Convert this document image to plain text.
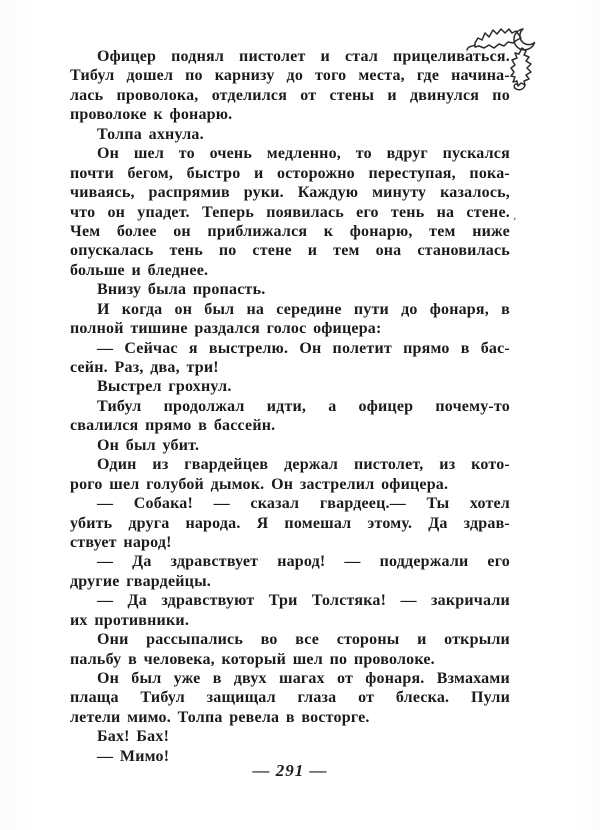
Офицер поднял пистолет и стал прицеливаться.
Тибул дошел по карнизу до того места, где начина-
лась проволока, отделился от стены и двинулся по
проволоке к фонарю.
Толпа ахнула.
Он шел то очень медленно, то вдруг пускался
почти бегом, быстро и осторожно переступая, пока-
чиваясь, распрямив руки. Каждую минуту казалось,
что он упадет. Теперь появилась его тень на стене.
Чем более он приближался к фонарю, тем ниже
опускалась тень по стене и тем она становилась
больше и бледнее.
Внизу была пропасть.
И когда он был на середине пути до фонаря, в
полной тишине раздался голос офицера:
— Сейчас я выстрелю. Он полетит прямо в бас-
сейн. Раз, два, три!
Выстрел грохнул.
Тибул продолжал идти, а офицер почему-то
свалился прямо в бассейн.
Он был убит.
Один из гвардейцев держал пистолет, из кото-
рого шел голубой дымок. Он застрелил офицера.
— Собака! — сказал гвардеец.— Ты хотел
убить друга народа. Я помешал этому. Да здрав-
ствует народ!
— Да здравствует народ! — поддержали его
другие гвардейцы.
— Да здравствуют Три Толстяка! — закричали
их противники.
Они рассыпались во все стороны и открыли
пальбу в человека, который шел по проволоке.
Он был уже в двух шагах от фонаря. Взмахами
плаща Тибул защищал глаза от блеска. Пули
летели мимо. Толпа ревела в восторге.
Бах! Бах!
— Мимо!
— 291 —
,
